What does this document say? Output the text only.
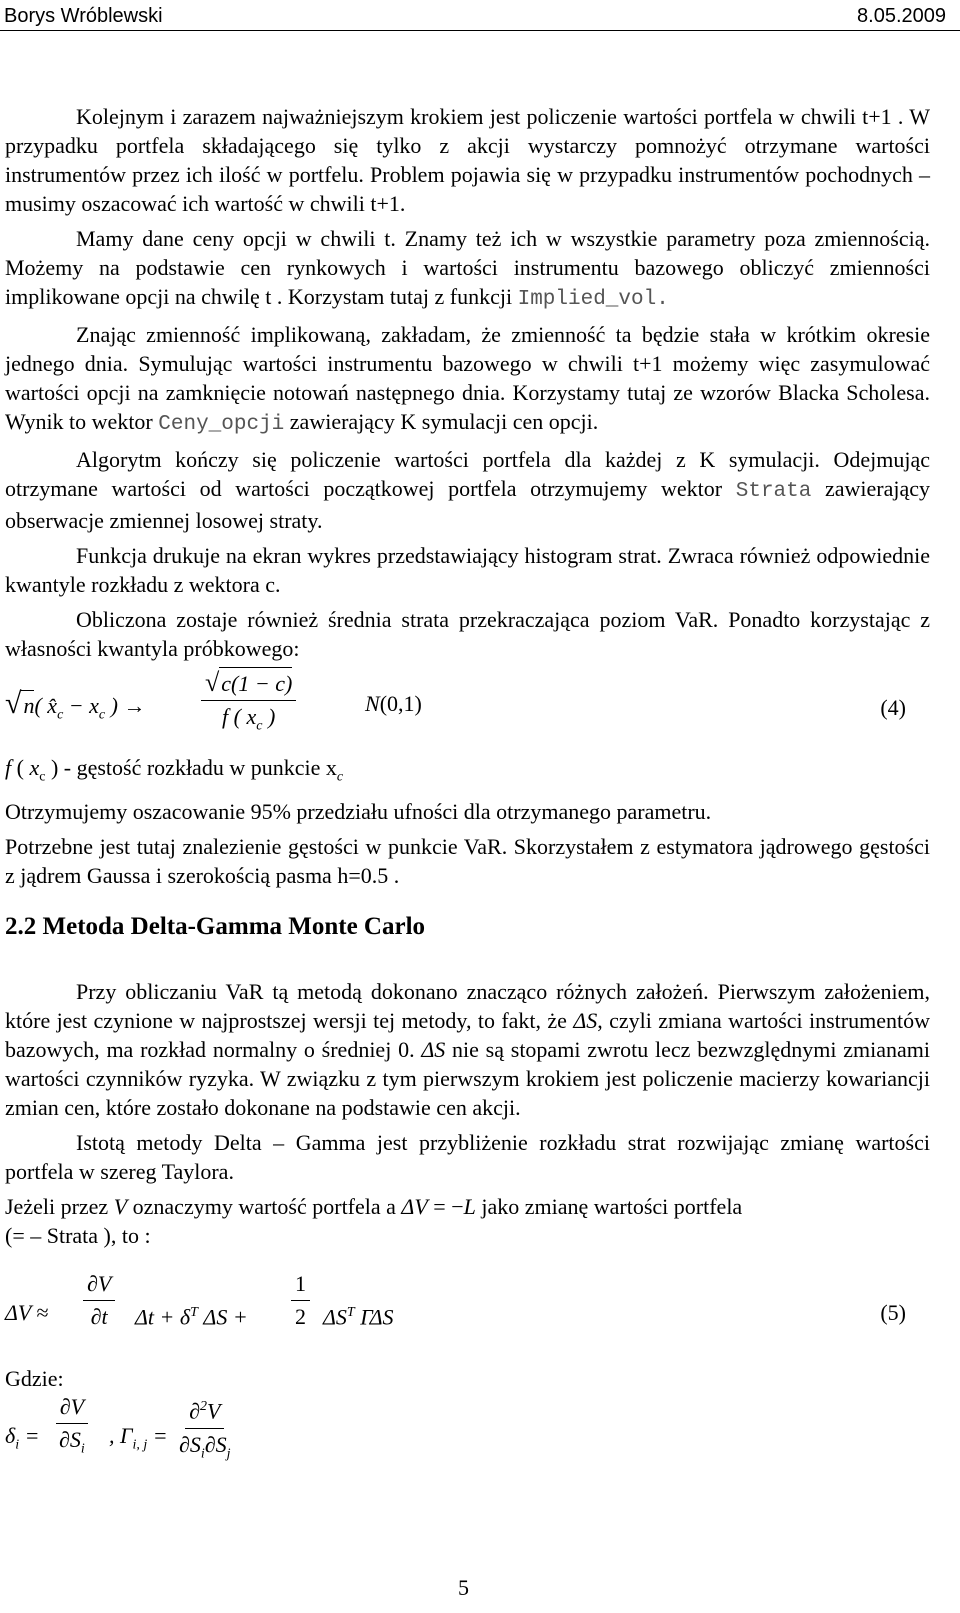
Borys Wróblewski	8.05.2009

Kolejnym i zarazem najważniejszym krokiem jest policzenie wartości portfela w chwili t+1 . W przypadku portfela składającego się tylko z akcji wystarczy pomnożyć otrzymane wartości instrumentów przez ich ilość w portfelu. Problem pojawia się w przypadku instrumentów pochodnych – musimy oszacować ich wartość w chwili t+1.

Mamy dane ceny opcji w chwili t. Znamy też ich w wszystkie parametry poza zmiennością. Możemy na podstawie cen rynkowych i wartości instrumentu bazowego obliczyć zmienności implikowane opcji na chwilę t . Korzystam tutaj z funkcji Implied_vol.

Znając zmienność implikowaną, zakładam, że zmienność ta będzie stała w krótkim okresie jednego dnia. Symulując wartości instrumentu bazowego w chwili t+1 możemy więc zasymulować wartości opcji na zamknięcie notowań następnego dnia. Korzystamy tutaj ze wzorów Blacka Scholesa. Wynik to wektor Ceny_opcji zawierający K symulacji cen opcji.

Algorytm kończy się policzenie wartości portfela dla każdej z K symulacji. Odejmując otrzymane wartości od wartości początkowej portfela otrzymujemy wektor Strata zawierający obserwacje zmiennej losowej straty.

Funkcja drukuje na ekran wykres przedstawiający histogram strat. Zwraca również odpowiednie kwantyle rozkładu z wektora c.

Obliczona zostaje również średnia strata przekraczająca poziom VaR. Ponadto korzystając z własności kwantyla próbkowego:

√n( $x̂_c - x_c$ ) → $\frac{√c(1 - c)}{f ( x_c )}$	N(0,1)	(4)

f ( $x_c$ ) - gęstość rozkładu w punkcie $x_c$

Otrzymujemy oszacowanie 95% przedziału ufności dla otrzymanego parametru.

Potrzebne jest tutaj znalezienie gęstości w punkcie VaR. Skorzystałem z estymatora jądrowego gęstości z jądrem Gaussa i szerokością pasma h=0.5 .

2.2 Metoda Delta-Gamma Monte Carlo

Przy obliczaniu VaR tą metodą dokonano znacząco różnych założeń. Pierwszym założeniem, które jest czynione w najprostszej wersji tej metody, to fakt, że ΔS, czyli zmiana wartości instrumentów bazowych, ma rozkład normalny o średniej 0. ΔS nie są stopami zwrotu lecz bezwzględnymi zmianami wartości czynników ryzyka. W związku z tym pierwszym krokiem jest policzenie macierzy kowariancji zmian cen, które zostało dokonane na podstawie cen akcji.

Istotą metody Delta – Gamma jest przybliżenie rozkładu strat rozwijając zmianę wartości portfela w szereg Taylora.

Jeżeli przez V oznaczymy wartość portfela a ΔV = −L jako zmianę wartości portfela

(= – Strata ), to :

$\Delta V \approx \frac{\partial V}{\partial t}$ $\Delta t + \delta^T$ $\Delta S + \frac{1}{2} \Delta S^T$ ΓΔS	(5)

Gdzie:

$\delta_i = \frac{\partial V}{\partial S_i}$ , $\Gamma_{i, j} = \frac{\partial^2V}{\partial S_i\partial S_j}$
5
